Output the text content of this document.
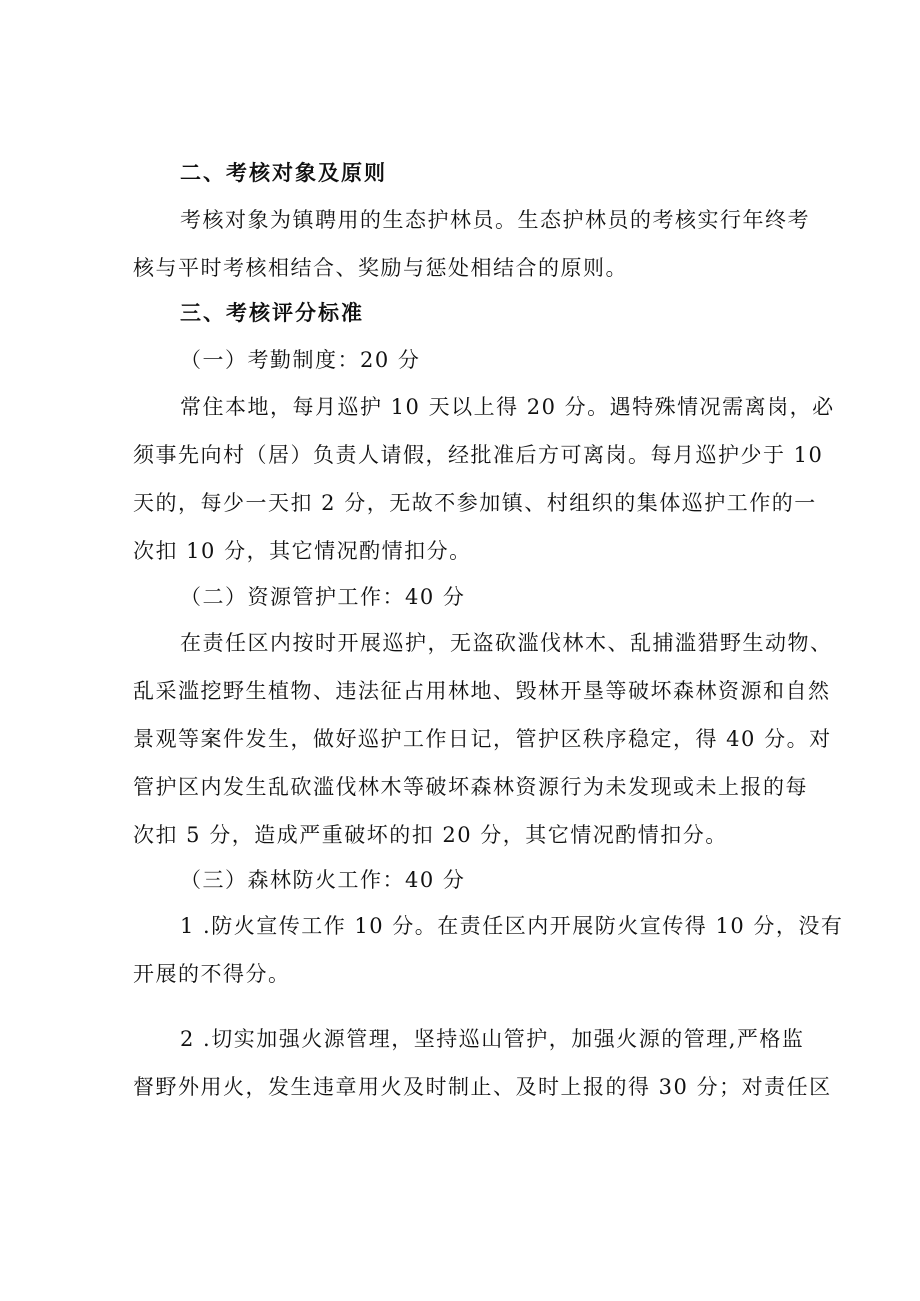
二、考核对象及原则
考核对象为镇聘用的生态护林员。生态护林员的考核实行年终考
核与平时考核相结合、奖励与惩处相结合的原则。
三、考核评分标准
（一）考勤制度：20 分
常住本地，每月巡护 10 天以上得 20 分。遇特殊情况需离岗，必
须事先向村（居）负责人请假，经批准后方可离岗。每月巡护少于 10
天的，每少一天扣 2 分，无故不参加镇、村组织的集体巡护工作的一
次扣 10 分，其它情况酌情扣分。
（二）资源管护工作：40 分
在责任区内按时开展巡护，无盗砍滥伐林木、乱捕滥猎野生动物、
乱采滥挖野生植物、违法征占用林地、毁林开垦等破坏森林资源和自然
景观等案件发生，做好巡护工作日记，管护区秩序稳定，得 40 分。对
管护区内发生乱砍滥伐林木等破坏森林资源行为未发现或未上报的每
次扣 5 分，造成严重破坏的扣 20 分，其它情况酌情扣分。
（三）森林防火工作：40 分
1 .防火宣传工作 10 分。在责任区内开展防火宣传得 10 分，没有
开展的不得分。
2 .切实加强火源管理，坚持巡山管护，加强火源的管理,严格监
督野外用火，发生违章用火及时制止、及时上报的得 30 分；对责任区
